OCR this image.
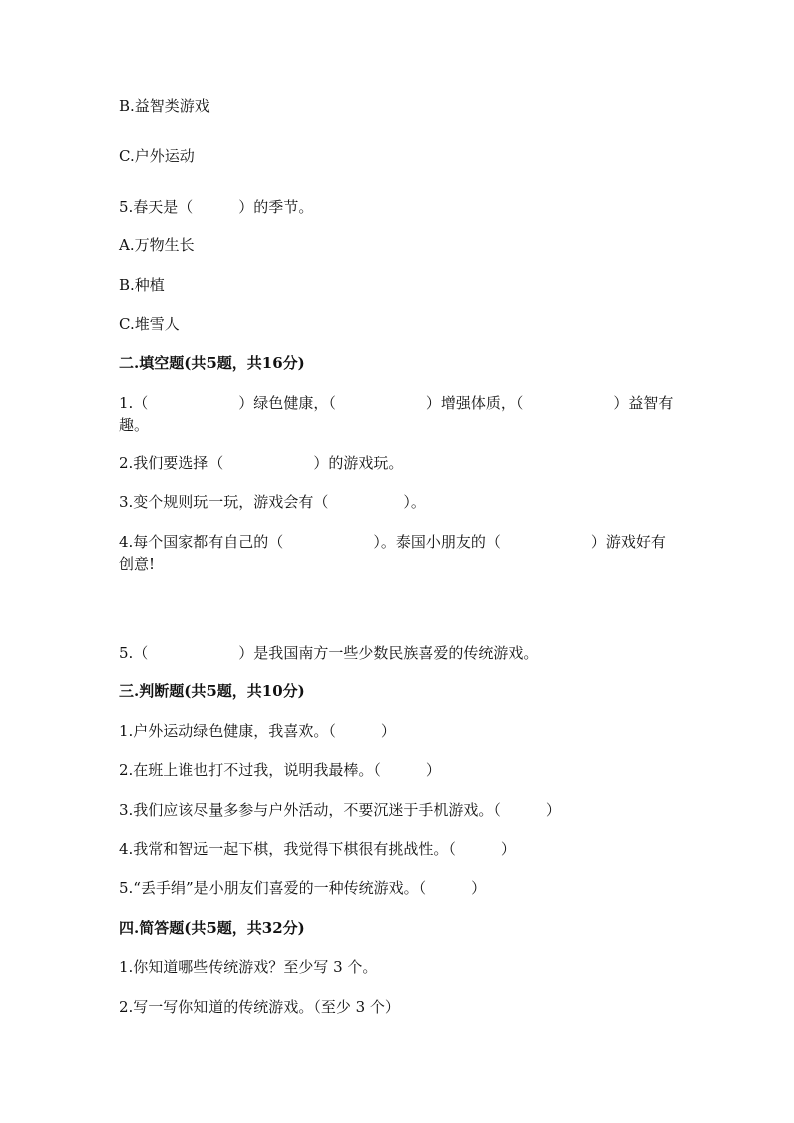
B.益智类游戏
C.户外运动
5.春天是（　　　）的季节。
A.万物生长
B.种植
C.堆雪人
二.填空题(共5题，共16分)
1.（　　　　　　）绿色健康，（　　　　　　）增强体质，（　　　　　　）益智有趣。
2.我们要选择（　　　　　　）的游戏玩。
3.变个规则玩一玩，游戏会有（　　　　　）。
4.每个国家都有自己的（　　　　　　）。泰国小朋友的（　　　　　　）游戏好有创意!
5.（　　　　　　）是我国南方一些少数民族喜爱的传统游戏。
三.判断题(共5题，共10分)
1.户外运动绿色健康，我喜欢。（　　　）
2.在班上谁也打不过我，说明我最棒。（　　　）
3.我们应该尽量多参与户外活动，不要沉迷于手机游戏。（　　　）
4.我常和智远一起下棋，我觉得下棋很有挑战性。（　　　）
5.“丢手绢”是小朋友们喜爱的一种传统游戏。（　　　）
四.简答题(共5题，共32分)
1.你知道哪些传统游戏？至少写 3 个。
2.写一写你知道的传统游戏。（至少 3 个）
